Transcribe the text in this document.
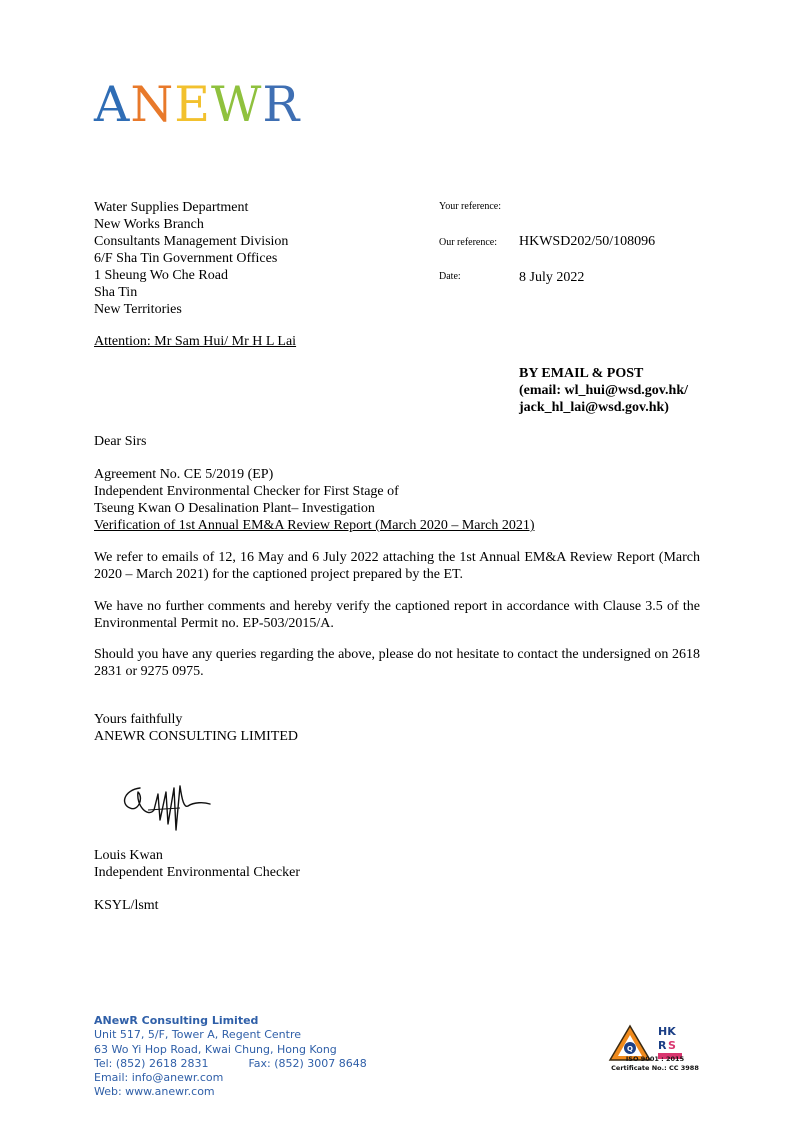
ANEWR
Water Supplies Department
New Works Branch
Consultants Management Division
6/F Sha Tin Government Offices
1 Sheung Wo Che Road
Sha Tin
New Territories
Your reference:
Our reference: HKWSD202/50/108096
Date:	8 July 2022
Attention: Mr Sam Hui/ Mr H L Lai
BY EMAIL & POST
(email: wl_hui@wsd.gov.hk/
jack_hl_lai@wsd.gov.hk)
Dear Sirs
Agreement No. CE 5/2019 (EP)
Independent Environmental Checker for First Stage of
Tseung Kwan O Desalination Plant– Investigation
Verification of 1st Annual EM&A Review Report (March 2020 – March 2021)
We refer to emails of 12, 16 May and 6 July 2022 attaching the 1st Annual EM&A Review Report (March 2020 – March 2021) for the captioned project prepared by the ET.
We have no further comments and hereby verify the captioned report in accordance with Clause 3.5 of the Environmental Permit no. EP-503/2015/A.
Should you have any queries regarding the above, please do not hesitate to contact the undersigned on 2618 2831 or 9275 0975.
Yours faithfully
ANEWR CONSULTING LIMITED
Louis Kwan
Independent Environmental Checker
KSYL/lsmt
ANewR Consulting Limited
Unit 517, 5/F, Tower A, Regent Centre
63 Wo Yi Hop Road, Kwai Chung, Hong Kong
Tel: (852) 2618 2831	Fax: (852) 3007 8648
Email: info@anewr.com
Web: www.anewr.com
Q
HK
R S
ISO 9001 : 2015
Certificate No.: CC 3988
